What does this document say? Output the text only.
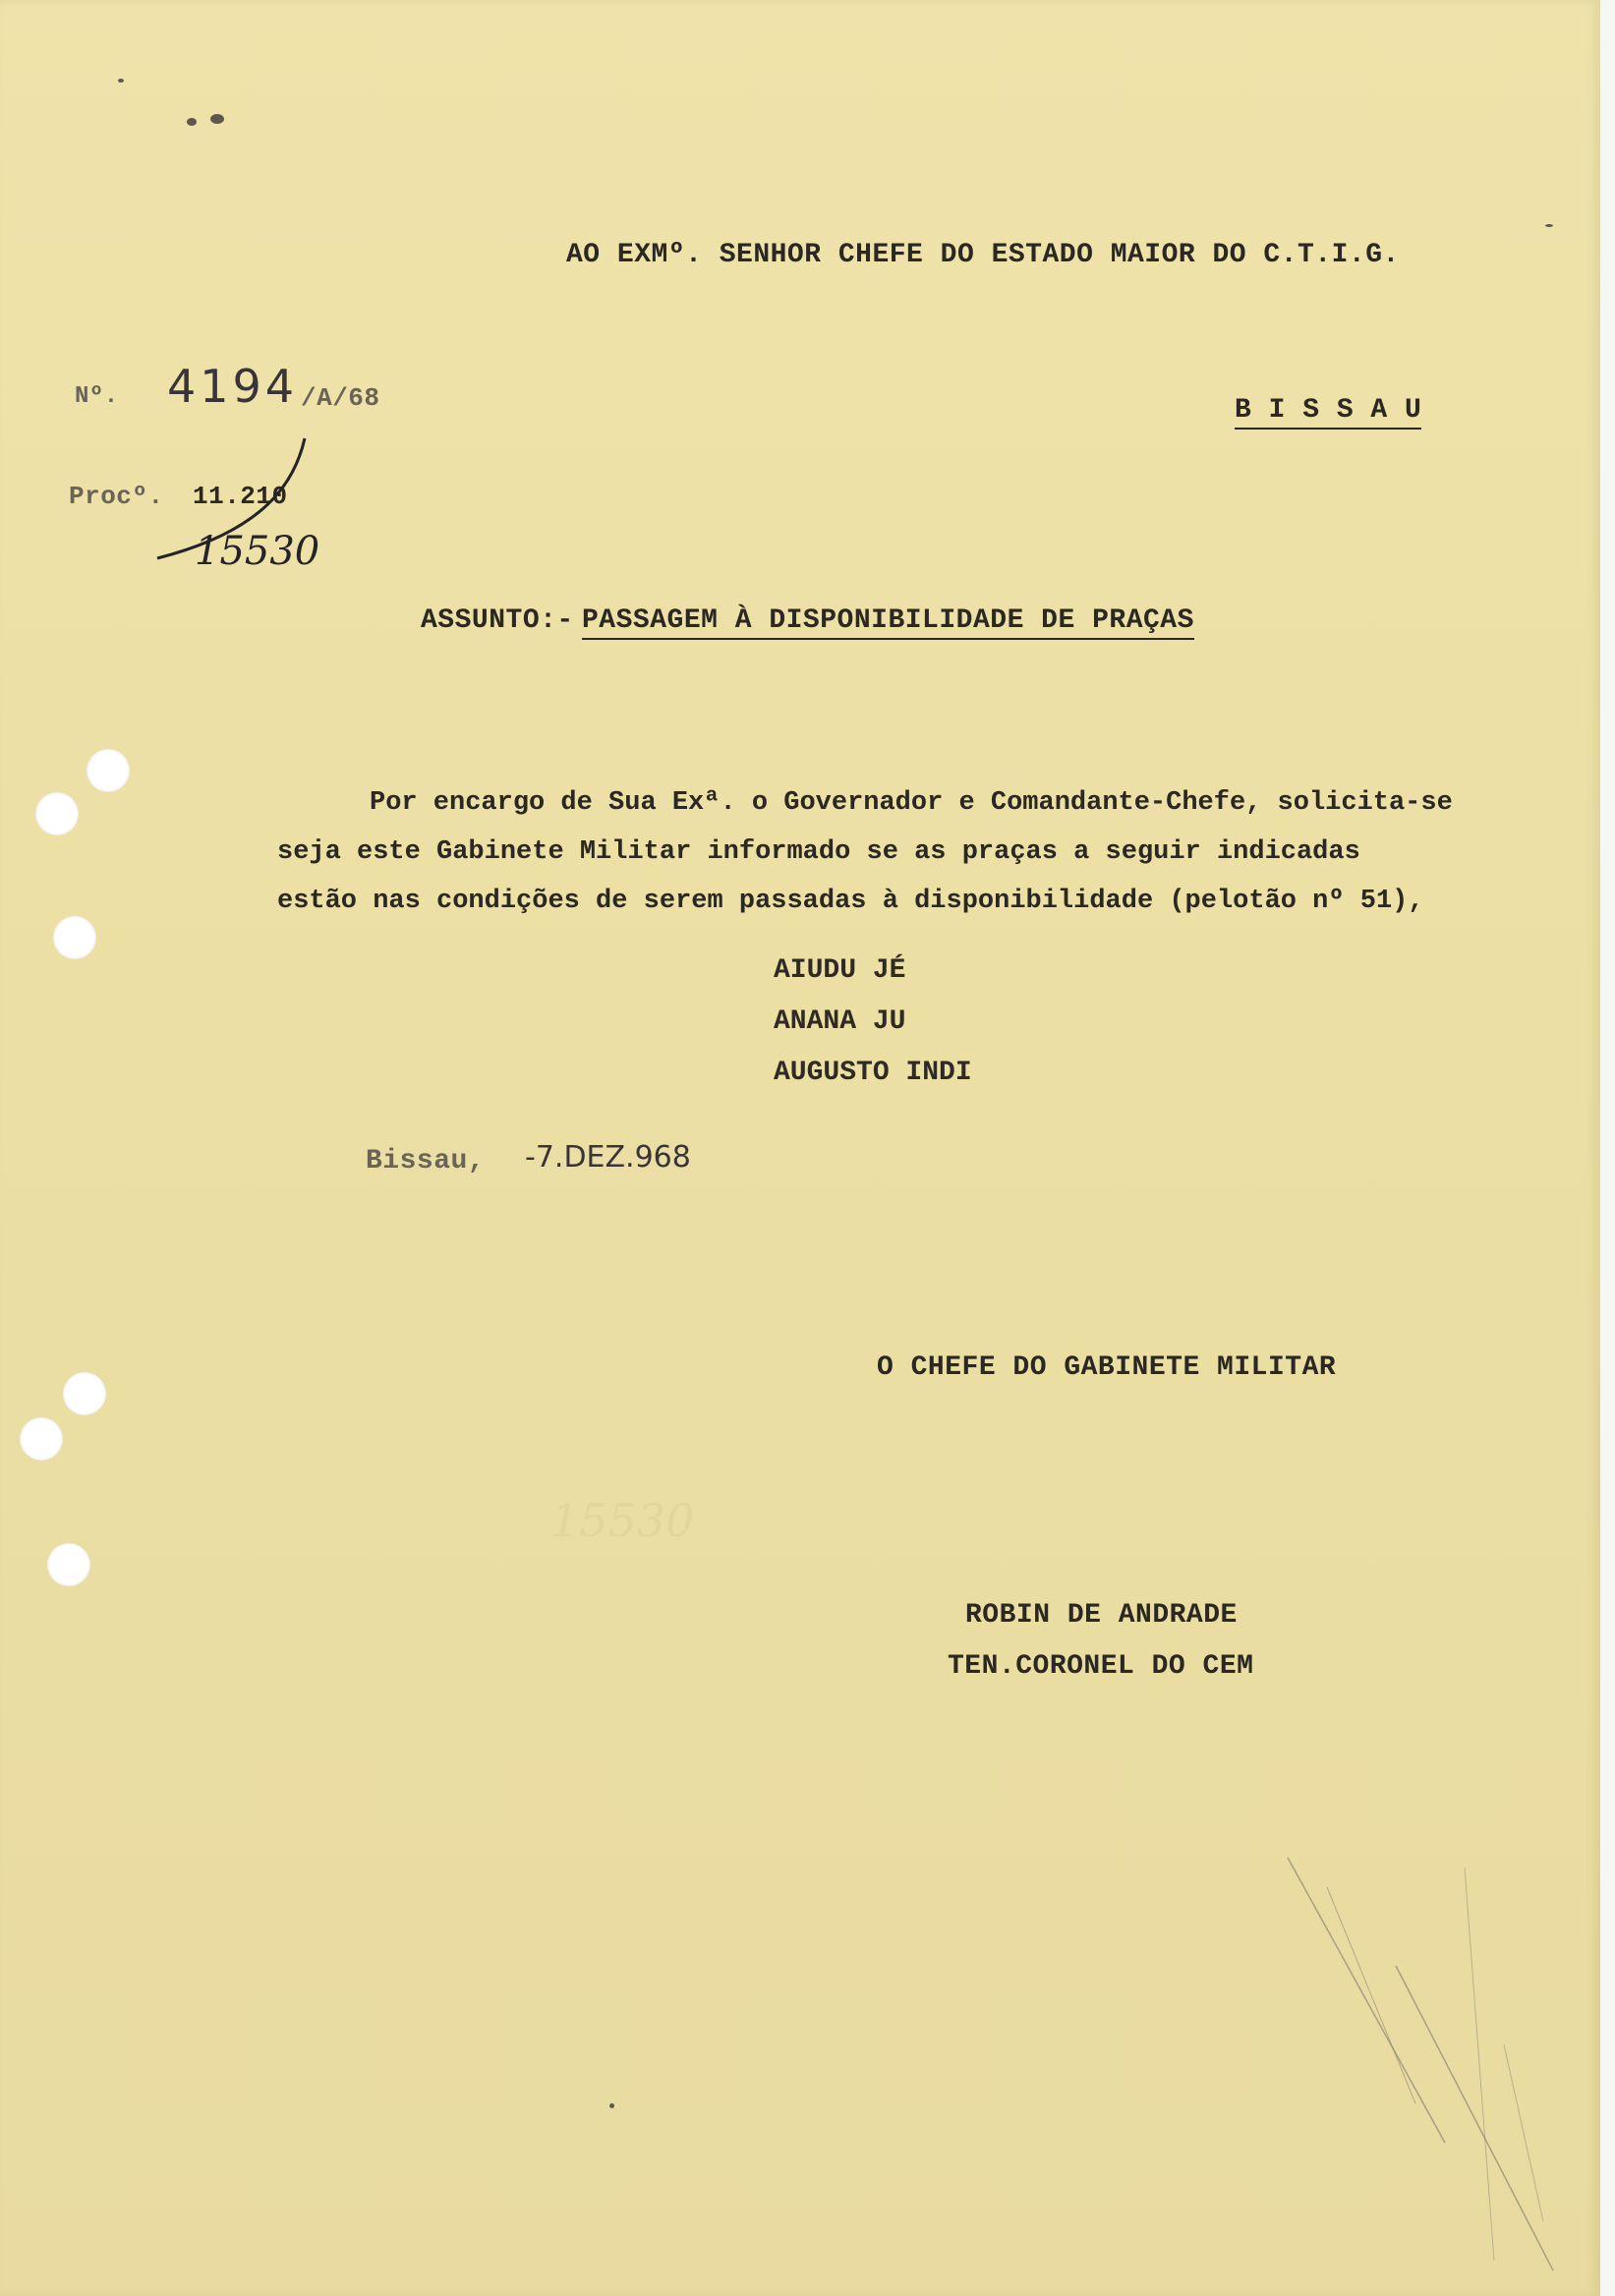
AO EXMº. SENHOR CHEFE DO ESTADO MAIOR DO C.T.I.G.
B I S S A U
Nº. 4194 /A/68
Procº. 11.210
15530
ASSUNTO:- PASSAGEM À DISPONIBILIDADE DE PRAÇAS

Por encargo de Sua Exª. o Governador e Comandante-Chefe, solicita-se

seja este Gabinete Militar informado se as praças a seguir indicadas

estão nas condições de serem passadas à disponibilidade (pelotão nº 51),

AIUDU JÉ
ANANA JU
AUGUSTO INDI
Bissau, -7.DEZ.968
15530
O CHEFE DO GABINETE MILITAR
ROBIN DE ANDRADE
TEN.CORONEL DO CEM
